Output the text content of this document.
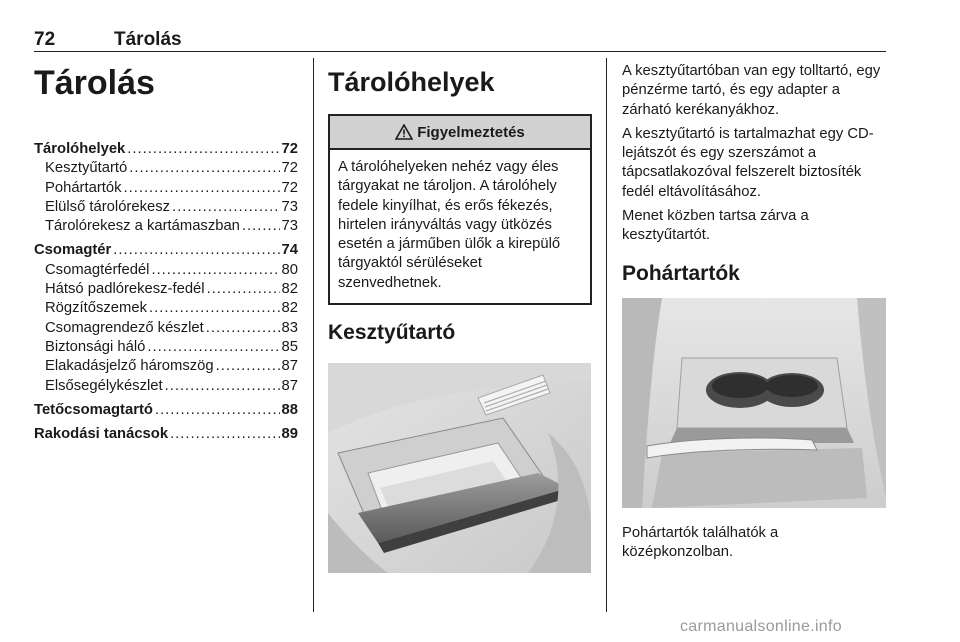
72	Tárolás
Tárolás
Tárolóhelyek .....	72
Kesztyűtartó .....	72
Pohártartók .....	72
Elülső tárolórekesz .....	73
Tárolórekesz a kartámaszban .....	73
Csomagtér .....	74
Csomagtérfedél .....	80
Hátsó padlórekesz-fedél .....	82
Rögzítőszemek .....	82
Csomagrendező készlet .....	83
Biztonsági háló .....	85
Elakadásjelző háromszög .....	87
Elsősegélykészlet .....	87
Tetőcsomagtartó .....	88
Rakodási tanácsok .....	89
Tárolóhelyek
Figyelmeztetés
A tárolóhelyeken nehéz vagy éles tárgyakat ne tároljon. A tárolóhely fedele kinyílhat, és erős fékezés, hirtelen irányváltás vagy ütközés esetén a járműben ülők a kirepülő tárgyaktól sérüléseket szenvedhetnek.
Kesztyűtartó

A kesztyűtartóban van egy tolltartó, egy pénzérme tartó, és egy adapter a zárható kerékanyákhoz.

A kesztyűtartó is tartalmazhat egy CD-lejátszót és egy szerszámot a tápcsatlakozóval felszerelt biztosíték fedél eltávolításához.

Menet közben tartsa zárva a kesztyűtartót.

Pohártartók

Pohártartók találhatók a középkonzolban.

carmanualsonline.info
